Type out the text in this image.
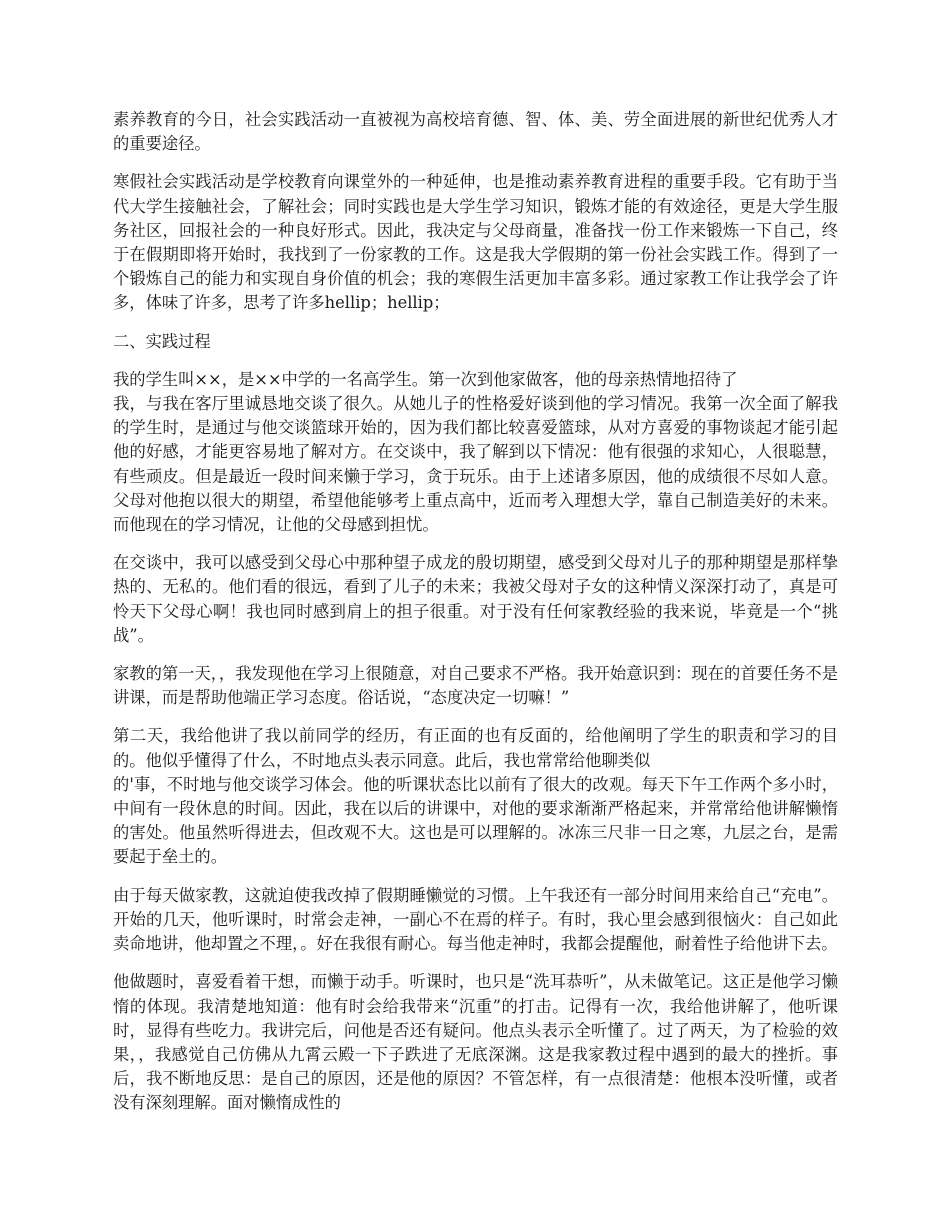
素养教育的今日，社会实践活动一直被视为高校培育德、智、体、美、劳全面进展的新世纪优秀人才的重要途径。

寒假社会实践活动是学校教育向课堂外的一种延伸，也是推动素养教育进程的重要手段。它有助于当代大学生接触社会，了解社会；同时实践也是大学生学习知识，锻炼才能的有效途径，更是大学生服务社区，回报社会的一种良好形式。因此，我决定与父母商量，准备找一份工作来锻炼一下自己，终于在假期即将开始时，我找到了一份家教的工作。这是我大学假期的第一份社会实践工作。得到了一个锻炼自己的能力和实现自身价值的机会；我的寒假生活更加丰富多彩。通过家教工作让我学会了许多，体味了许多，思考了许多hellip；hellip；

二、实践过程

我的学生叫××，是××中学的一名高学生。第一次到他家做客，他的母亲热情地招待了
我，与我在客厅里诚恳地交谈了很久。从她儿子的性格爱好谈到他的学习情况。我第一次全面了解我的学生时，是通过与他交谈篮球开始的，因为我们都比较喜爱篮球，从对方喜爱的事物谈起才能引起他的好感，才能更容易地了解对方。在交谈中，我了解到以下情况：他有很强的求知心，人很聪慧，有些顽皮。但是最近一段时间来懒于学习，贪于玩乐。由于上述诸多原因，他的成绩很不尽如人意。父母对他抱以很大的期望，希望他能够考上重点高中，近而考入理想大学，靠自己制造美好的未来。而他现在的学习情况，让他的父母感到担忧。

在交谈中，我可以感受到父母心中那种望子成龙的殷切期望，感受到父母对儿子的那种期望是那样挚热的、无私的。他们看的很远，看到了儿子的未来；我被父母对子女的这种情义深深打动了，真是可怜天下父母心啊！我也同时感到肩上的担子很重。对于没有任何家教经验的我来说，毕竟是一个“挑战”。

家教的第一天，，我发现他在学习上很随意，对自己要求不严格。我开始意识到：现在的首要任务不是讲课，而是帮助他端正学习态度。俗话说，“态度决定一切嘛！”

第二天，我给他讲了我以前同学的经历，有正面的也有反面的，给他阐明了学生的职责和学习的目的。他似乎懂得了什么，不时地点头表示同意。此后，我也常常给他聊类似
的'事，不时地与他交谈学习体会。他的听课状态比以前有了很大的改观。每天下午工作两个多小时，中间有一段休息的时间。因此，我在以后的讲课中，对他的要求渐渐严格起来，并常常给他讲解懒惰的害处。他虽然听得进去，但改观不大。这也是可以理解的。冰冻三尺非一日之寒，九层之台，是需要起于垒土的。

由于每天做家教，这就迫使我改掉了假期睡懒觉的习惯。上午我还有一部分时间用来给自己“充电”。开始的几天，他听课时，时常会走神，一副心不在焉的样子。有时，我心里会感到很恼火：自己如此卖命地讲，他却置之不理，。好在我很有耐心。每当他走神时，我都会提醒他，耐着性子给他讲下去。

他做题时，喜爱看着干想，而懒于动手。听课时，也只是“洗耳恭听”，从未做笔记。这正是他学习懒惰的体现。我清楚地知道：他有时会给我带来“沉重”的打击。记得有一次，我给他讲解了，他听课时，显得有些吃力。我讲完后，问他是否还有疑问。他点头表示全听懂了。过了两天，为了检验的效果，，我感觉自己仿佛从九霄云殿一下子跌进了无底深渊。这是我家教过程中遇到的最大的挫折。事后，我不断地反思：是自己的原因，还是他的原因？不管怎样，有一点很清楚：他根本没听懂，或者没有深刻理解。面对懒惰成性的
